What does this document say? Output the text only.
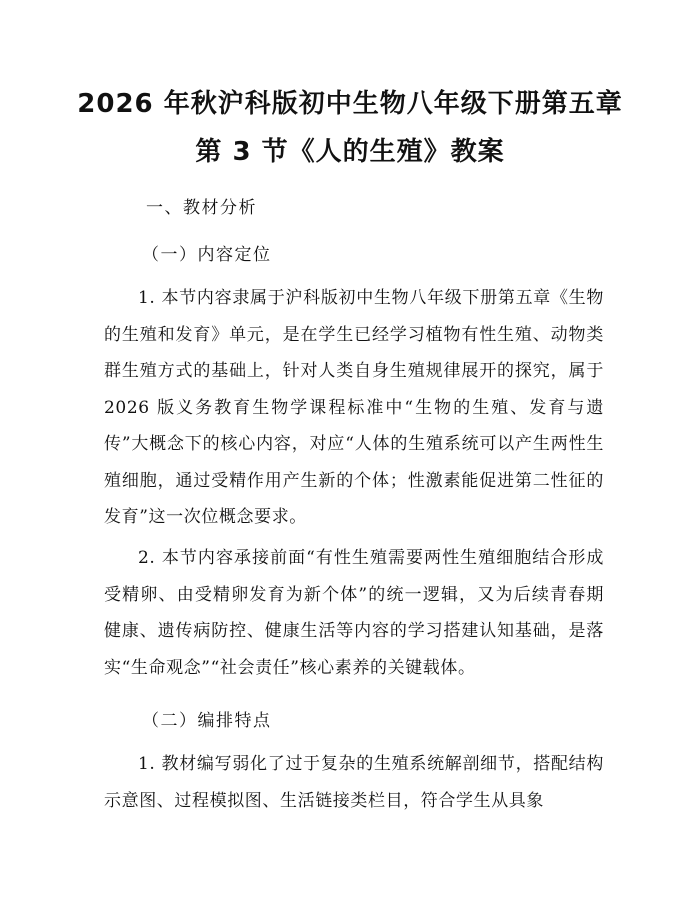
2026 年秋沪科版初中生物八年级下册第五章
第 3 节《人的生殖》教案
一、教材分析
（一）内容定位

1. 本节内容隶属于沪科版初中生物八年级下册第五章《生物的生殖和发育》单元，是在学生已经学习植物有性生殖、动物类群生殖方式的基础上，针对人类自身生殖规律展开的探究，属于 2026 版义务教育生物学课程标准中“生物的生殖、发育与遗传”大概念下的核心内容，对应“人体的生殖系统可以产生两性生殖细胞，通过受精作用产生新的个体；性激素能促进第二性征的发育”这一次位概念要求。

2. 本节内容承接前面“有性生殖需要两性生殖细胞结合形成受精卵、由受精卵发育为新个体”的统一逻辑，又为后续青春期健康、遗传病防控、健康生活等内容的学习搭建认知基础，是落实“生命观念”“社会责任”核心素养的关键载体。

（二）编排特点

1. 教材编写弱化了过于复杂的生殖系统解剖细节，搭配结构示意图、过程模拟图、生活链接类栏目，符合学生从具象
